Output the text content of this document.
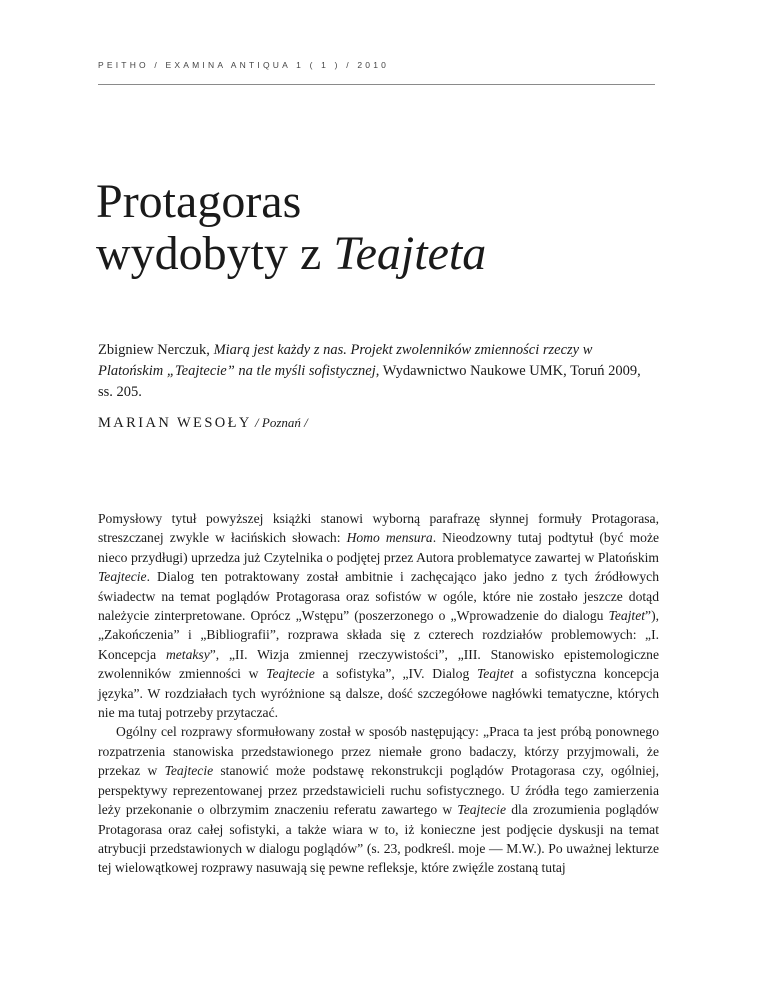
PEITHO / EXAMINA ANTIQUA 1 ( 1 ) / 2010
Protagoras
wydobyty z Teajteta
Zbigniew Nerczuk, Miarą jest każdy z nas. Projekt zwolenników zmienności rzeczy w Platońskim „Teajtecie” na tle myśli sofistycznej, Wydawnictwo Naukowe UMK, Toruń 2009, ss. 205.
MARIAN WESOŁY / Poznań /

Pomysłowy tytuł powyższej książki stanowi wyborną parafrazę słynnej formuły Protagorasa, streszczanej zwykle w łacińskich słowach: Homo mensura. Nieodzowny tutaj podtytuł (być może nieco przydługi) uprzedza już Czytelnika o podjętej przez Autora problematyce zawartej w Platońskim Teajtecie. Dialog ten potraktowany został ambitnie i zachęcająco jako jedno z tych źródłowych świadectw na temat poglądów Protagorasa oraz sofistów w ogóle, które nie zostało jeszcze dotąd należycie zinterpretowane. Oprócz „Wstępu” (poszerzonego o „Wprowadzenie do dialogu Teajtet”), „Zakończenia” i „Bibliografii”, rozprawa składa się z czterech rozdziałów problemowych: „I. Koncepcja metaksy”, „II. Wizja zmiennej rzeczywistości”, „III. Stanowisko epistemologiczne zwolenników zmienności w Teajtecie a sofistyka”, „IV. Dialog Teajtet a sofistyczna koncepcja języka”. W rozdziałach tych wyróżnione są dalsze, dość szczegółowe nagłówki tematyczne, których nie ma tutaj potrzeby przytaczać.

Ogólny cel rozprawy sformułowany został w sposób następujący: „Praca ta jest próbą ponownego rozpatrzenia stanowiska przedstawionego przez niemałe grono badaczy, którzy przyjmowali, że przekaz w Teajtecie stanowić może podstawę rekonstrukcji poglądów Protagorasa czy, ogólniej, perspektywy reprezentowanej przez przedstawicieli ruchu sofistycznego. U źródła tego zamierzenia leży przekonanie o olbrzymim znaczeniu referatu zawartego w Teajtecie dla zrozumienia poglądów Protagorasa oraz całej sofistyki, a także wiara w to, iż konieczne jest podjęcie dyskusji na temat atrybucji przedstawionych w dialogu poglądów” (s. 23, podkreśl. moje — M.W.). Po uważnej lekturze tej wielowątkowej rozprawy nasuwają się pewne refleksje, które zwięźle zostaną tutaj
